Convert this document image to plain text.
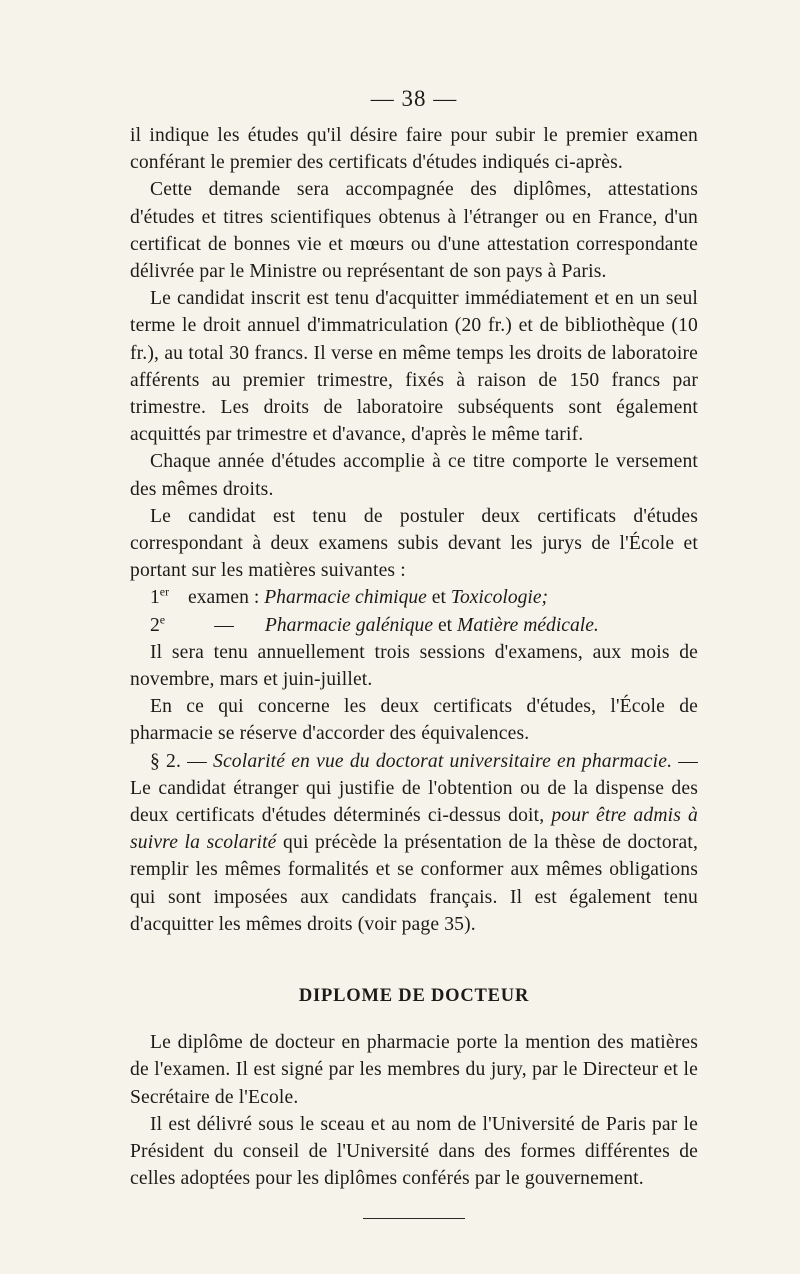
— 38 —

il indique les études qu'il désire faire pour subir le premier examen conférant le premier des certificats d'études indiqués ci-après.

Cette demande sera accompagnée des diplômes, attestations d'études et titres scientifiques obtenus à l'étranger ou en France, d'un certificat de bonnes vie et mœurs ou d'une attestation correspondante délivrée par le Ministre ou représentant de son pays à Paris.

Le candidat inscrit est tenu d'acquitter immédiatement et en un seul terme le droit annuel d'immatriculation (20 fr.) et de bibliothèque (10 fr.), au total 30 francs. Il verse en même temps les droits de laboratoire afférents au premier trimestre, fixés à raison de 150 francs par trimestre. Les droits de laboratoire subséquents sont également acquittés par trimestre et d'avance, d'après le même tarif.

Chaque année d'études accomplie à ce titre comporte le versement des mêmes droits.

Le candidat est tenu de postuler deux certificats d'études correspondant à deux examens subis devant les jurys de l'École et portant sur les matières suivantes :

1er examen : Pharmacie chimique et Toxicologie;
2e	— Pharmacie galénique et Matière médicale.

Il sera tenu annuellement trois sessions d'examens, aux mois de novembre, mars et juin-juillet.

En ce qui concerne les deux certificats d'études, l'École de pharmacie se réserve d'accorder des équivalences.

§ 2. — Scolarité en vue du doctorat universitaire en pharmacie. — Le candidat étranger qui justifie de l'obtention ou de la dispense des deux certificats d'études déterminés ci-dessus doit, pour être admis à suivre la scolarité qui précède la présentation de la thèse de doctorat, remplir les mêmes formalités et se conformer aux mêmes obligations qui sont imposées aux candidats français. Il est également tenu d'acquitter les mêmes droits (voir page 35).

DIPLOME DE DOCTEUR

Le diplôme de docteur en pharmacie porte la mention des matières de l'examen. Il est signé par les membres du jury, par le Directeur et le Secrétaire de l'Ecole.

Il est délivré sous le sceau et au nom de l'Université de Paris par le Président du conseil de l'Université dans des formes différentes de celles adoptées pour les diplômes conférés par le gouvernement.
